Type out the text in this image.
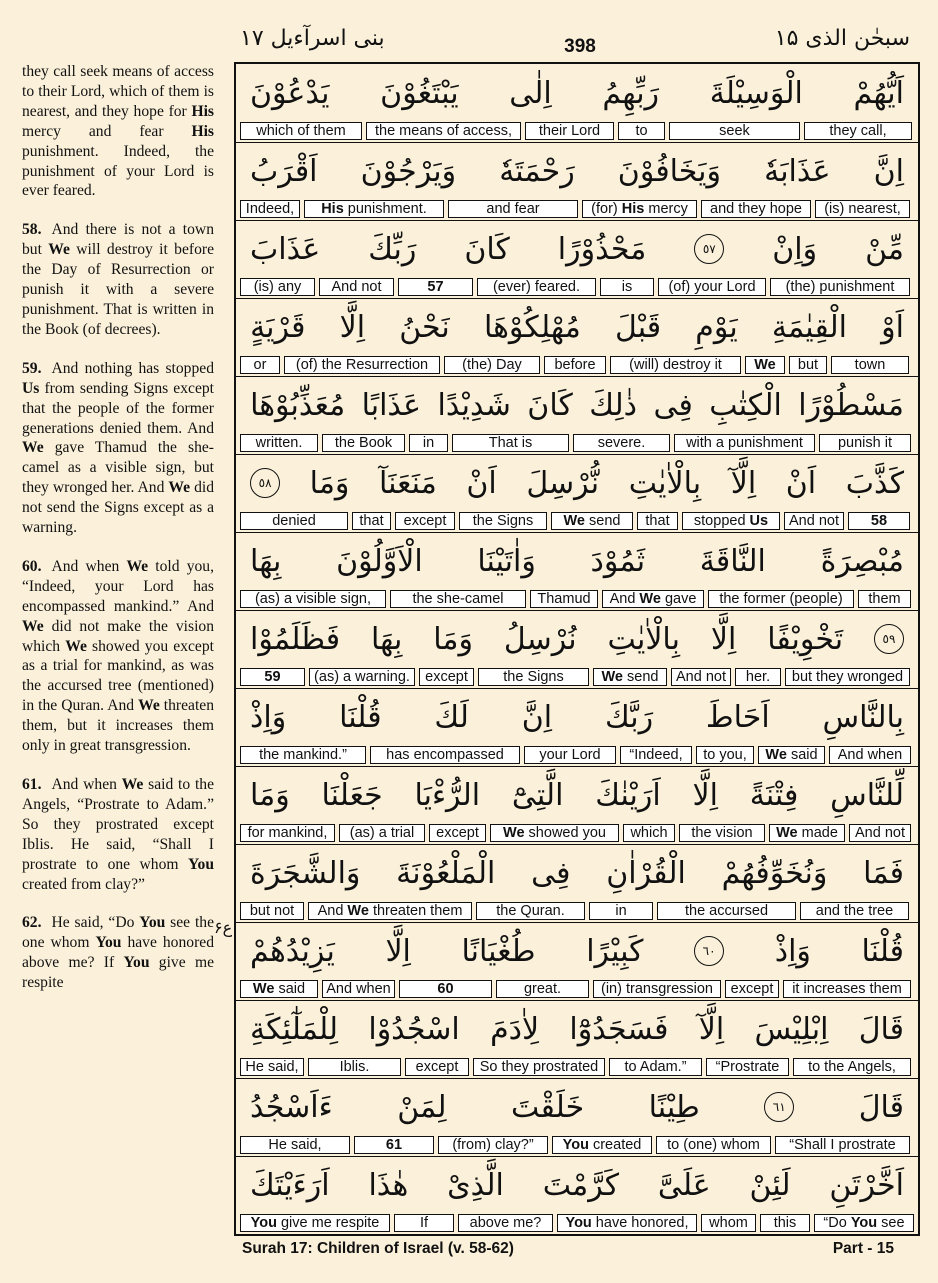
بنی اسرآءیل ۱۷	398	سبحٰن الذی ۱۵

they call seek means of access to their Lord, which of them is nearest, and they hope for His mercy and fear His punishment. Indeed, the punishment of your Lord is ever feared.

58. And there is not a town but We will destroy it before the Day of Resurrection or punish it with a severe punishment. That is written in the Book (of decrees).

59. And nothing has stopped Us from sending Signs except that the people of the former generations denied them. And We gave Thamud the she-camel as a visible sign, but they wronged her. And We did not send the Signs except as a warning.

60. And when We told you, “Indeed, your Lord has encompassed mankind.” And We did not make the vision which We showed you except as a trial for mankind, as was the accursed tree (mentioned) in the Quran. And We threaten them, but it increases them only in great transgression.

61. And when We said to the Angels, “Prostrate to Adam.” So they prostrated except Iblis. He said, “Shall I prostrate to one whom You created from clay?”

62. He said, “Do You see the one whom You have honored above me? If You give me respite

ع۶
يَدْعُوْنَ يَبْتَغُوْنَ اِلٰى رَبِّهِمُ الْوَسِيْلَةَ اَيُّهُمْ
which of them	the means of access,	their Lord	to	seek	they call,
اَقْرَبُ وَيَرْجُوْنَ رَحْمَتَهٗ وَيَخَافُوْنَ عَذَابَهٗ اِنَّ
Indeed,	His punishment.	and fear	(for) His mercy	and they hope	(is) nearest,
عَذَابَ رَبِّكَ كَانَ مَحْذُوْرًا	٥٧ وَاِنْ مِّنْ
(is) any	And not	57	(ever) feared.	is	(of) your Lord	(the) punishment
قَرْيَةٍ اِلَّا نَحْنُ مُهْلِكُوْهَا قَبْلَ يَوْمِ الْقِيٰمَةِ اَوْ
or	(of) the Resurrection	(the) Day	before	(will) destroy it	We	but	town
مُعَذِّبُوْهَا عَذَابًا شَدِيْدًا كَانَ ذٰلِكَ فِى الْكِتٰبِ مَسْطُوْرًا
written.	the Book	in	That is	severe.	with a punishment	punish it
٥٨ وَمَا مَنَعَنَآ اَنْ نُّرْسِلَ بِالْاٰيٰتِ اِلَّآ اَنْ كَذَّبَ
denied	that	except	the Signs	We send	that	stopped Us	And not	58
بِهَا الْاَوَّلُوْنَ وَاٰتَيْنَا ثَمُوْدَ النَّاقَةَ مُبْصِرَةً
(as) a visible sign,	the she-camel	Thamud	And We gave	the former (people)	them
فَظَلَمُوْا بِهَا وَمَا نُرْسِلُ بِالْاٰيٰتِ اِلَّا تَخْوِيْفًا	٥٩
59	(as) a warning.	except	the Signs	We send	And not	her.	but they wronged
وَاِذْ قُلْنَا لَكَ اِنَّ رَبَّكَ اَحَاطَ بِالنَّاسِ
the mankind.”	has encompassed	your Lord	“Indeed,	to you,	We said	And when
وَمَا جَعَلْنَا الرُّءْيَا الَّتِىْٓ اَرَيْنٰكَ اِلَّا فِتْنَةً لِّلنَّاسِ
for mankind,	(as) a trial	except	We showed you	which	the vision	We made	And not
وَالشَّجَرَةَ الْمَلْعُوْنَةَ فِى الْقُرْاٰنِ وَنُخَوِّفُهُمْ فَمَا
but not	And We threaten them	the Quran.	in	the accursed	and the tree
يَزِيْدُهُمْ اِلَّا طُغْيَانًا كَبِيْرًا	٦٠ وَاِذْ قُلْنَا
We said	And when	60	great.	(in) transgression	except	it increases them
لِلْمَلٰٓئِكَةِ اسْجُدُوْا لِاٰدَمَ فَسَجَدُوْٓا اِلَّآ اِبْلِيْسَ قَالَ
He said,	Iblis.	except	So they prostrated	to Adam.”	“Prostrate	to the Angels,
ءَاَسْجُدُ لِمَنْ خَلَقْتَ طِيْنًا	٦١ قَالَ
He said,	61	(from) clay?”	You created	to (one) whom	“Shall I prostrate
اَرَءَيْتَكَ هٰذَا الَّذِىْ كَرَّمْتَ عَلَىَّ لَئِنْ اَخَّرْتَنِ
You give me respite	If	above me?	You have honored,	whom	this	“Do You see
Surah 17: Children of Israel (v. 58-62)	Part - 15
